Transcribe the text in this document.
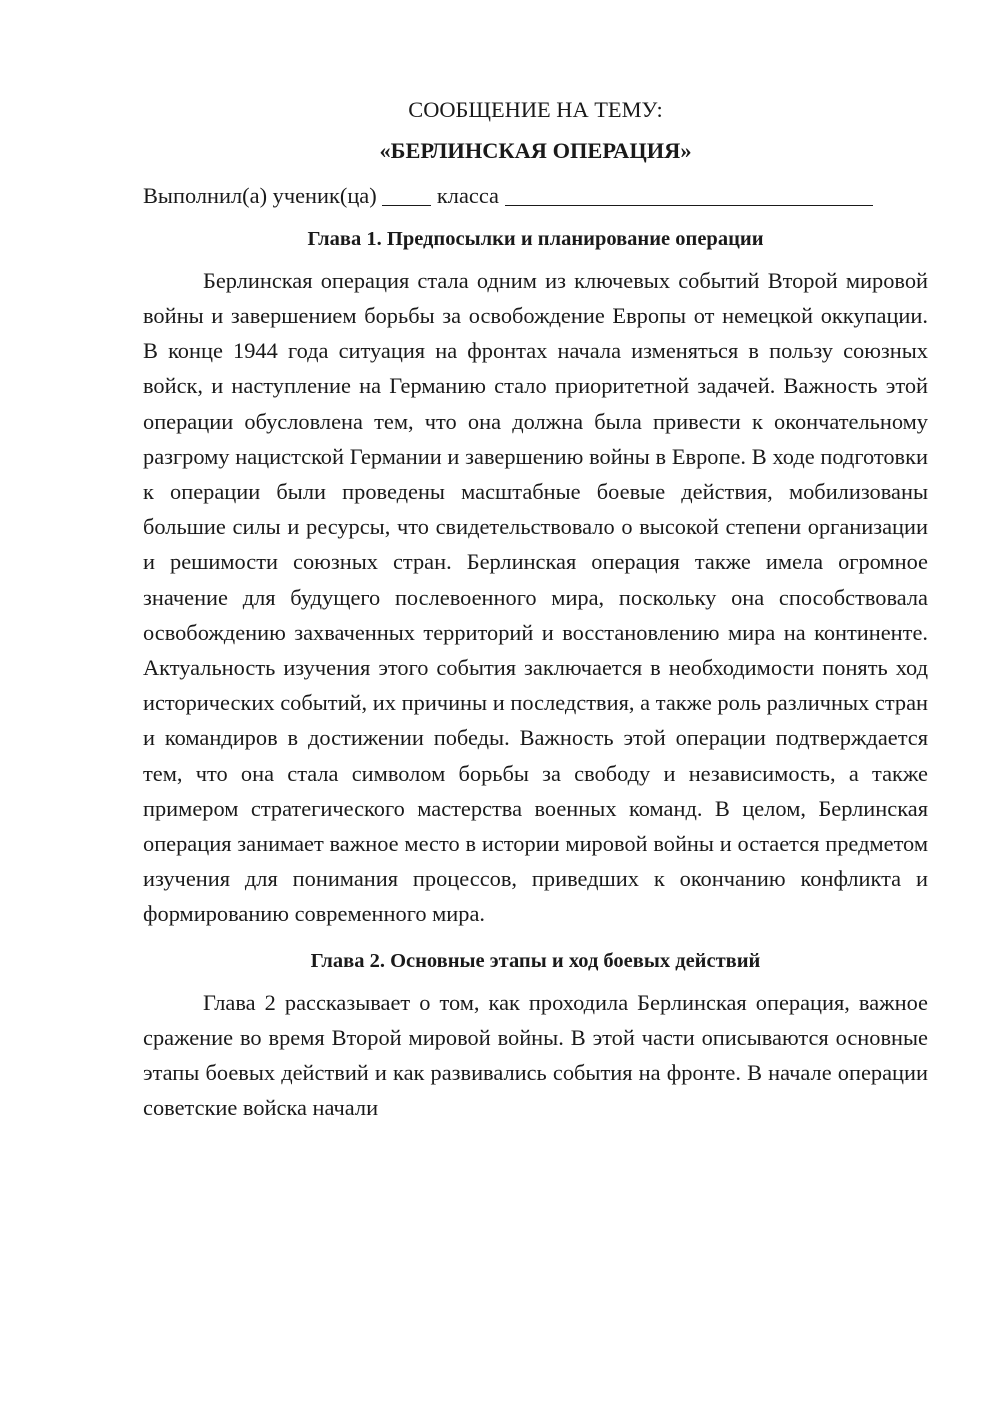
СООБЩЕНИЕ НА ТЕМУ:

«БЕРЛИНСКАЯ ОПЕРАЦИЯ»

Выполнил(а) ученик(ца)	класса

Глава 1. Предпосылки и планирование операции

Берлинская операция стала одним из ключевых событий Второй мировой войны и завершением борьбы за освобождение Европы от немецкой оккупации. В конце 1944 года ситуация на фронтах начала изменяться в пользу союзных войск, и наступление на Германию стало приоритетной задачей. Важность этой операции обусловлена тем, что она должна была привести к окончательному разгрому нацистской Германии и завершению войны в Европе. В ходе подготовки к операции были проведены масштабные боевые действия, мобилизованы большие силы и ресурсы, что свидетельствовало о высокой степени организации и решимости союзных стран. Берлинская операция также имела огромное значение для будущего послевоенного мира, поскольку она способствовала освобождению захваченных территорий и восстановлению мира на континенте. Актуальность изучения этого события заключается в необходимости понять ход исторических событий, их причины и последствия, а также роль различных стран и командиров в достижении победы. Важность этой операции подтверждается тем, что она стала символом борьбы за свободу и независимость, а также примером стратегического мастерства военных команд. В целом, Берлинская операция занимает важное место в истории мировой войны и остается предметом изучения для понимания процессов, приведших к окончанию конфликта и формированию современного мира.

Глава 2. Основные этапы и ход боевых действий

Глава 2 рассказывает о том, как проходила Берлинская операция, важное сражение во время Второй мировой войны. В этой части описываются основные этапы боевых действий и как развивались события на фронте. В начале операции советские войска начали
